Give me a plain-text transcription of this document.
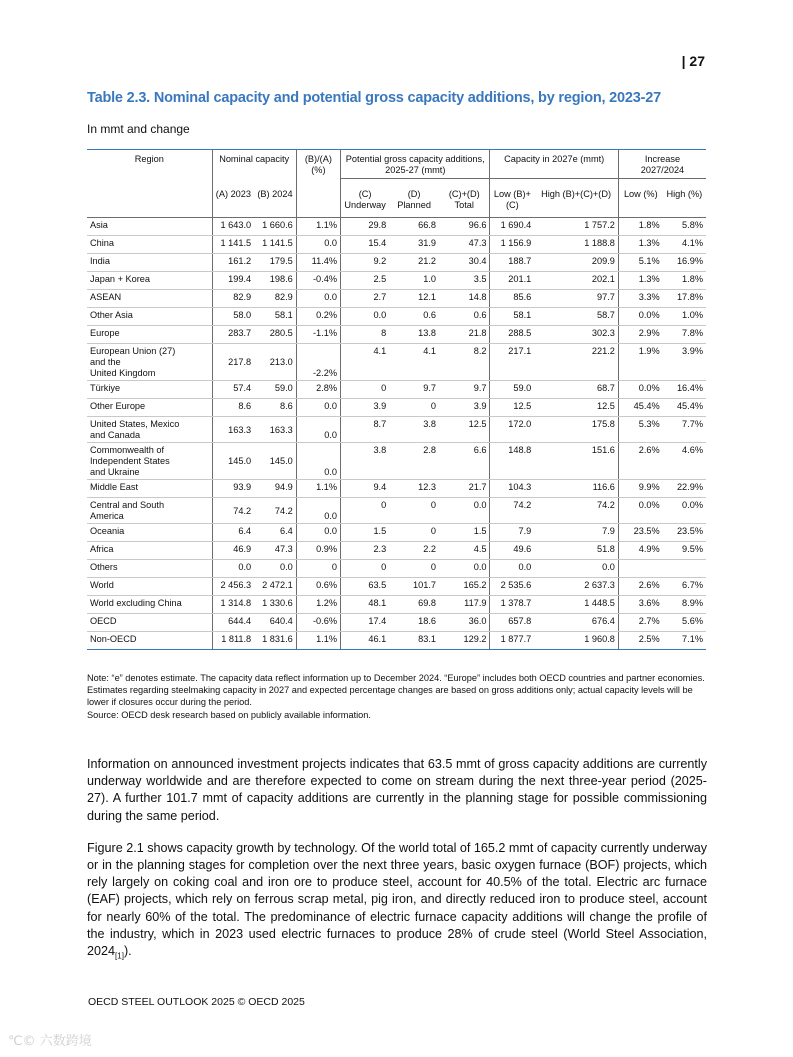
| 27
Table 2.3. Nominal capacity and potential gross capacity additions, by region, 2023-27
In mmt and change
Region	Nominal capacity		(B)/(A) (%)	Potential gross capacity additions, 2025-27 (mmt)			Capacity in 2027e (mmt)		Increase 2027/2024	
	(A) 2023	(B) 2024		(C) Underway	(D) Planned	(C)+(D) Total	Low (B)+(C)	High (B)+(C)+(D)	Low (%)	High (%)
Asia	1 643.0	1 660.6	1.1%	29.8	66.8	96.6	1 690.4	1 757.2	1.8%	5.8%
China	1 141.5	1 141.5	0.0	15.4	31.9	47.3	1 156.9	1 188.8	1.3%	4.1%
India	161.2	179.5	11.4%	9.2	21.2	30.4	188.7	209.9	5.1%	16.9%
Japan + Korea	199.4	198.6	-0.4%	2.5	1.0	3.5	201.1	202.1	1.3%	1.8%
ASEAN	82.9	82.9	0.0	2.7	12.1	14.8	85.6	97.7	3.3%	17.8%
Other Asia	58.0	58.1	0.2%	0.0	0.6	0.6	58.1	58.7	0.0%	1.0%
Europe	283.7	280.5	-1.1%	8	13.8	21.8	288.5	302.3	2.9%	7.8%
European Union (27)
and the
United Kingdom	217.8	213.0	-2.2%	4.1	4.1	8.2	217.1	221.2	1.9%	3.9%
Türkiye	57.4	59.0	2.8%	0	9.7	9.7	59.0	68.7	0.0%	16.4%
Other Europe	8.6	8.6	0.0	3.9	0	3.9	12.5	12.5	45.4%	45.4%
United States, Mexico
and Canada	163.3	163.3	0.0	8.7	3.8	12.5	172.0	175.8	5.3%	7.7%
Commonwealth of
Independent States
and Ukraine	145.0	145.0	0.0	3.8	2.8	6.6	148.8	151.6	2.6%	4.6%
Middle East	93.9	94.9	1.1%	9.4	12.3	21.7	104.3	116.6	9.9%	22.9%
Central and South
America	74.2	74.2	0.0	0	0	0.0	74.2	74.2	0.0%	0.0%
Oceania	6.4	6.4	0.0	1.5	0	1.5	7.9	7.9	23.5%	23.5%
Africa	46.9	47.3	0.9%	2.3	2.2	4.5	49.6	51.8	4.9%	9.5%
Others	0.0	0.0	0	0	0	0.0	0.0	0.0		
World	2 456.3	2 472.1	0.6%	63.5	101.7	165.2	2 535.6	2 637.3	2.6%	6.7%
World excluding China	1 314.8	1 330.6	1.2%	48.1	69.8	117.9	1 378.7	1 448.5	3.6%	8.9%
OECD	644.4	640.4	-0.6%	17.4	18.6	36.0	657.8	676.4	2.7%	5.6%
Non-OECD	1 811.8	1 831.6	1.1%	46.1	83.1	129.2	1 877.7	1 960.8	2.5%	7.1%

Note: “e” denotes estimate. The capacity data reflect information up to December 2024. “Europe” includes both OECD countries and partner economies. Estimates regarding steelmaking capacity in 2027 and expected percentage changes are based on gross additions only; actual capacity levels will be lower if closures occur during the period.

Source: OECD desk research based on publicly available information.

Information on announced investment projects indicates that 63.5 mmt of gross capacity additions are currently underway worldwide and are therefore expected to come on stream during the next three-year period (2025-27). A further 101.7 mmt of capacity additions are currently in the planning stage for possible commissioning during the same period.

Figure 2.1 shows capacity growth by technology. Of the world total of 165.2 mmt of capacity currently underway or in the planning stages for completion over the next three years, basic oxygen furnace (BOF) projects, which rely largely on coking coal and iron ore to produce steel, account for 40.5% of the total. Electric arc furnace (EAF) projects, which rely on ferrous scrap metal, pig iron, and directly reduced iron to produce steel, account for nearly 60% of the total. The predominance of electric furnace capacity additions will change the profile of the industry, which in 2023 used electric furnaces to produce 28% of crude steel (World Steel Association, $2024_{[1]}$).

OECD STEEL OUTLOOK 2025 © OECD 2025
℃© 六数跨境
